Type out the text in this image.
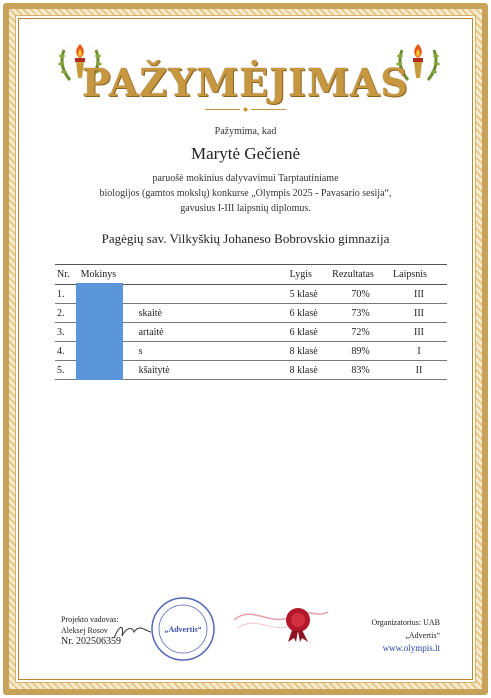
PAŽYMĖJIMAS
Pažymima, kad
Marytė Gečienė
paruošė mokinius dalyvavimui Tarptautiniame
biologijos (gamtos mokslų) konkurse „Olympis 2025 - Pavasario sesija“,
gavusius I-III laipsnių diplomus.
Pagėgių sav. Vilkyškių Johaneso Bobrovskio gimnazija
Nr.	Mokinys	Lygis	Rezultatas	Laipsnis
1.		5 klasė	70%	III
2.	skaitė	6 klasė	73%	III
3.	artaitė	6 klasė	72%	III
4.	s	8 klasė	89%	I
5.	kšaitytė	8 klasė	83%	II
Projekto vadovas:
Aleksej Rosov
Nr. 202506359
„Advertis“
Organizatorius: UAB „Advertis“
www.olympis.lt
